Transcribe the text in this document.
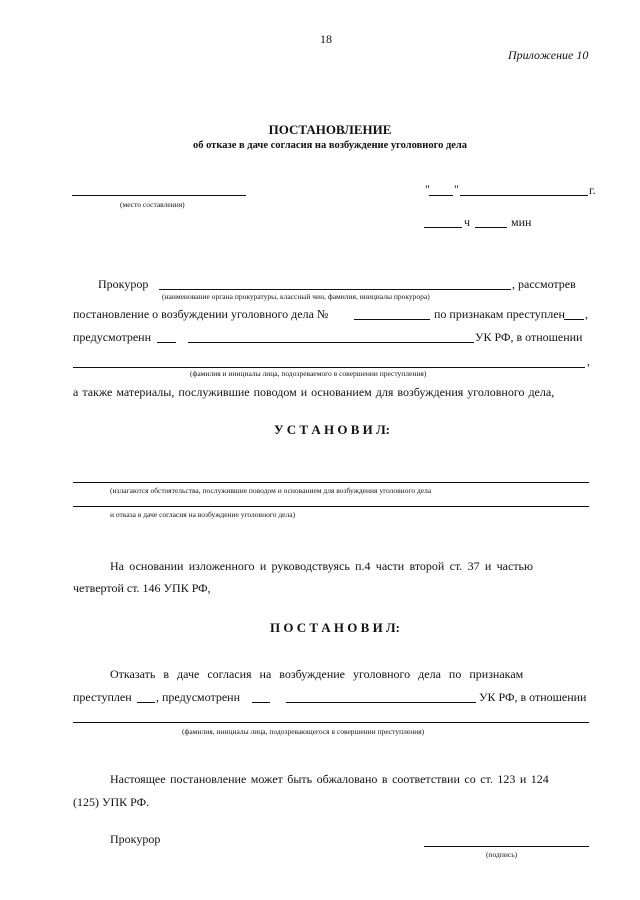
18
Приложение 10
ПОСТАНОВЛЕНИЕ
об отказе в даче согласия на возбуждение уголовного дела
(место составления)
" "	г.
ч	мин
Прокурор	, рассмотрев
(наименование органа прокуратуры, классный чин, фамилия, инициалы прокурора)
постановление о возбуждении уголовного дела №	по признакам преступлен ,
предусмотренн	УК РФ, в отношении
,
(фамилия и инициалы лица, подозреваемого в совершении преступления)
а также материалы, послужившие поводом и основанием для возбуждения уголовного дела,
У С Т А Н О В И Л:
(излагаются обстоятельства, послужившие поводом и основанием для возбуждения уголовного дела
и отказа в даче согласия на возбуждение уголовного дела)
На основании изложенного и руководствуясь п.4 части второй ст. 37 и частью
четвертой ст. 146 УПК РФ,
П О С Т А Н О В И Л:
Отказать в даче согласия на возбуждение уголовного дела по признакам
преступлен , предусмотренн	УК РФ, в отношении
(фамилия, инициалы лица, подозревающегося в совершении преступления)
Настоящее постановление может быть обжаловано в соответствии со ст. 123 и 124
(125) УПК РФ.
Прокурор
(подпись)
